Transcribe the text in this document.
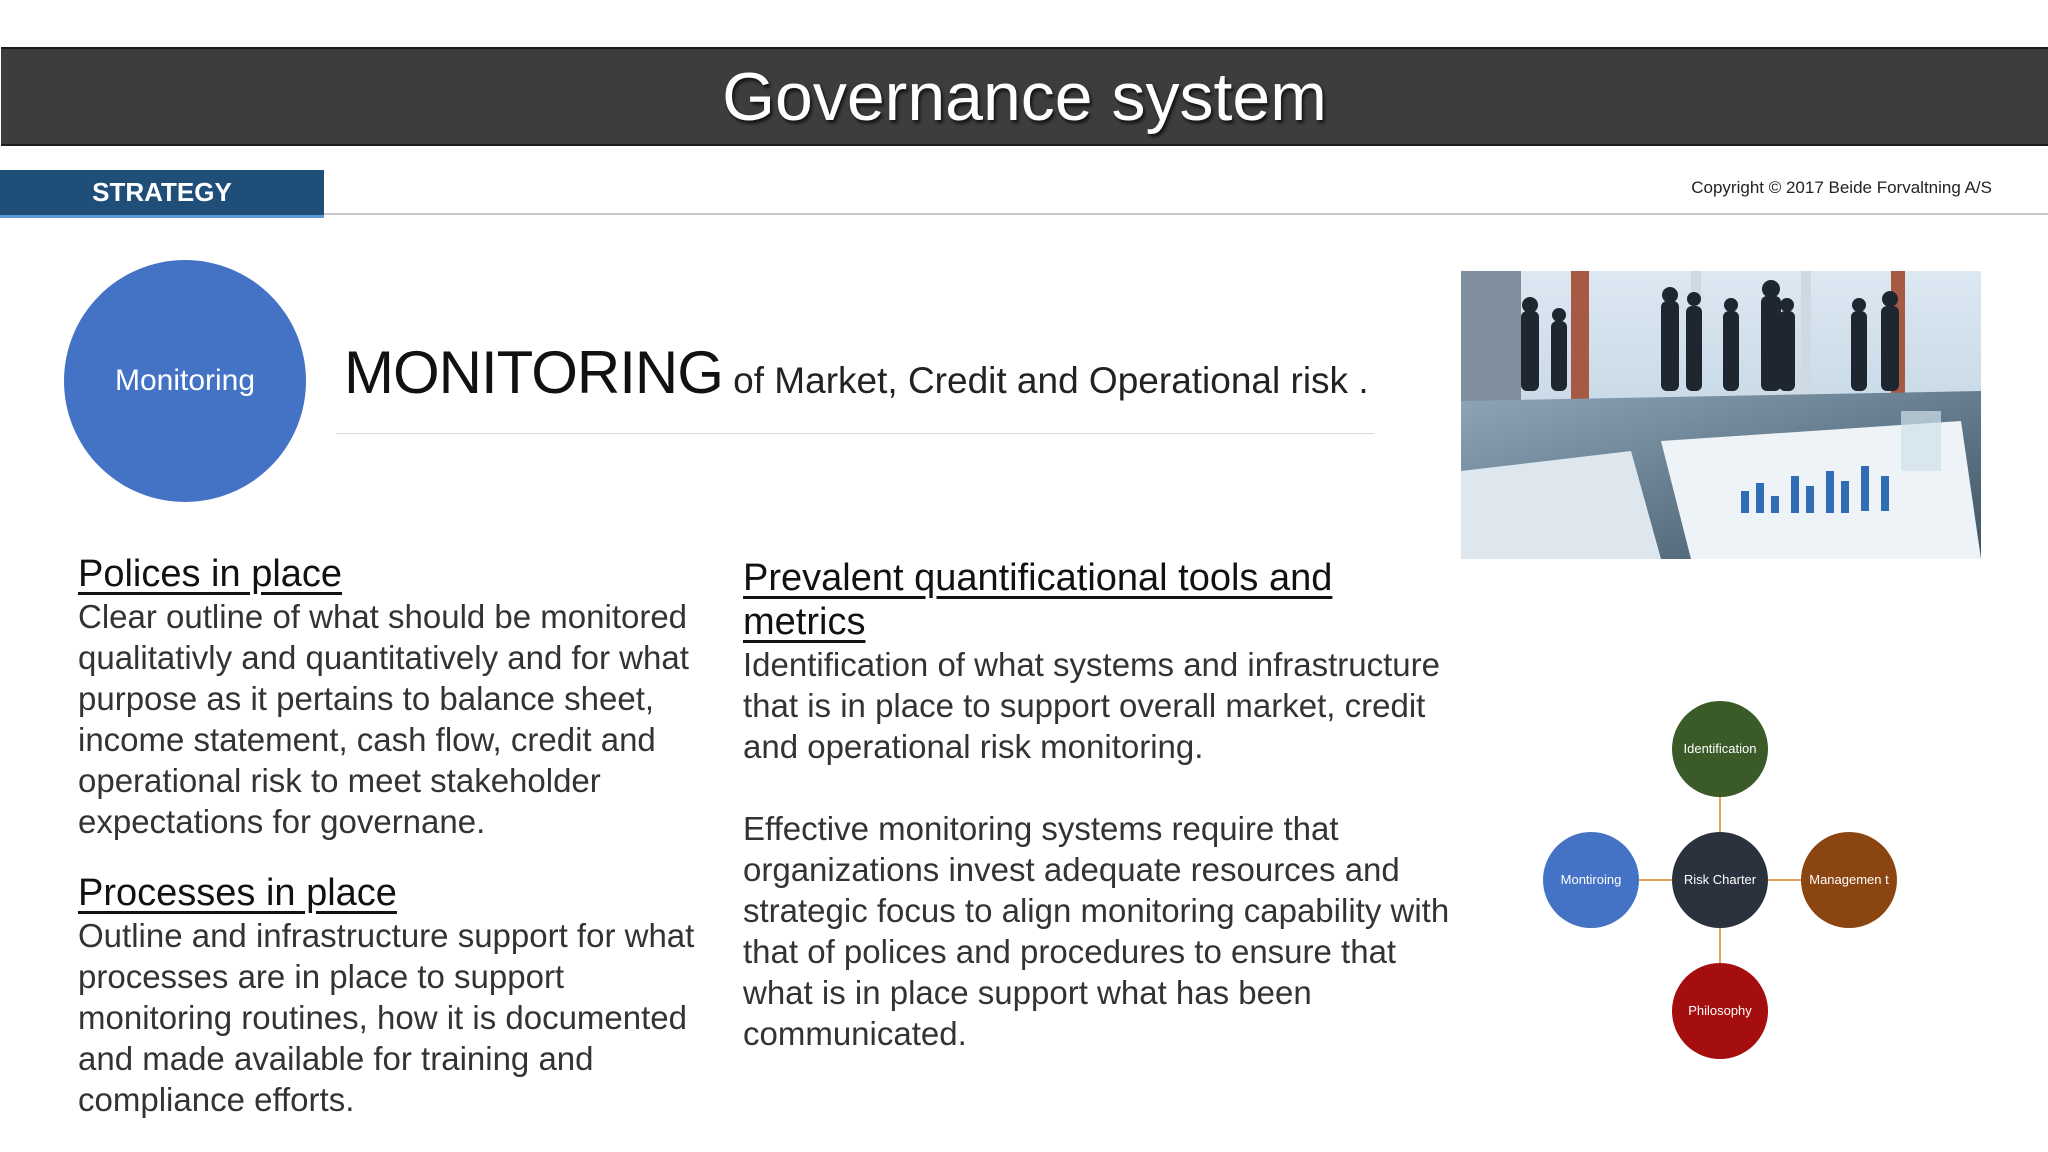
Governance system
STRATEGY	Copyright © 2017 Beide Forvaltning A/S
Monitoring MONITORING of Market, Credit and Operational risk .
Polices in place

Clear outline of what should be monitored

qualitativly and quantitatively and for what

purpose as it pertains to balance sheet,

income statement, cash flow, credit and

operational risk to meet stakeholder

expectations for governane.

Processes in place

Outline and infrastructure support for what

processes are in place to support

monitoring routines, how it is documented

and made available for training and

compliance efforts.

Prevalent quantificational tools and metrics

Identification of what systems and infrastructure

that is in place to support overall market, credit

and operational risk monitoring.

Effective monitoring systems require that

organizations invest adequate resources and

strategic focus to align monitoring capability with

that of polices and procedures to ensure that

what is in place support what has been

communicated.

Risk Charter
Identification
Managemen t
Philosophy
Montiroing
